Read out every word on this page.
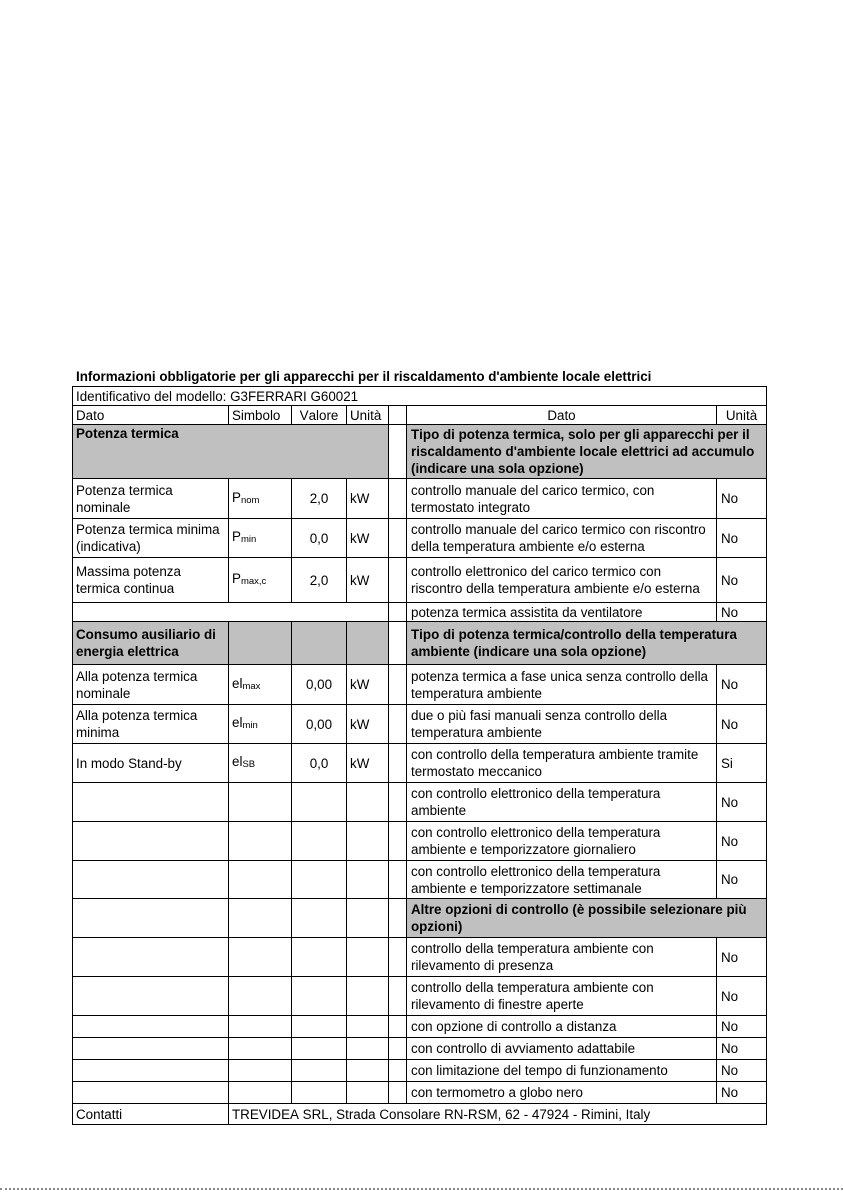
Informazioni obbligatorie per gli apparecchi per il riscaldamento d'ambiente locale elettrici
Identificativo del modello: G3FERRARI G60021						
Dato	Simbolo	Valore	Unità		Dato	Unità
Potenza termica					Tipo di potenza termica, solo per gli apparecchi per il riscaldamento d'ambiente locale elettrici ad accumulo (indicare una sola opzione)	
Potenza termica nominale	Pnom	2,0	kW		controllo manuale del carico termico, con termostato integrato	No
Potenza termica minima (indicativa)	Pmin	0,0	kW		controllo manuale del carico termico con riscontro della temperatura ambiente e/o esterna	No
Massima potenza termica continua	Pmax,c	2,0	kW		controllo elettronico del carico termico con riscontro della temperatura ambiente e/o esterna	No
					potenza termica assistita da ventilatore	No
Consumo ausiliario di energia elettrica					Tipo di potenza termica/controllo della temperatura ambiente (indicare una sola opzione)	
Alla potenza termica nominale	elmax	0,00	kW		potenza termica a fase unica senza controllo della temperatura ambiente	No
Alla potenza termica minima	elmin	0,00	kW		due o più fasi manuali senza controllo della temperatura ambiente	No
In modo Stand-by	elSB	0,0	kW		con controllo della temperatura ambiente tramite termostato meccanico	Si
					con controllo elettronico della temperatura ambiente	No
					con controllo elettronico della temperatura ambiente e temporizzatore giornaliero	No
					con controllo elettronico della temperatura ambiente e temporizzatore settimanale	No
					Altre opzioni di controllo (è possibile selezionare più opzioni)	
					controllo della temperatura ambiente con rilevamento di presenza	No
					controllo della temperatura ambiente con rilevamento di finestre aperte	No
					con opzione di controllo a distanza	No
					con controllo di avviamento adattabile	No
					con limitazione del tempo di funzionamento	No
					con termometro a globo nero	No
Contatti	TREVIDEA SRL, Strada Consolare RN-RSM, 62 - 47924 - Rimini, Italy					
